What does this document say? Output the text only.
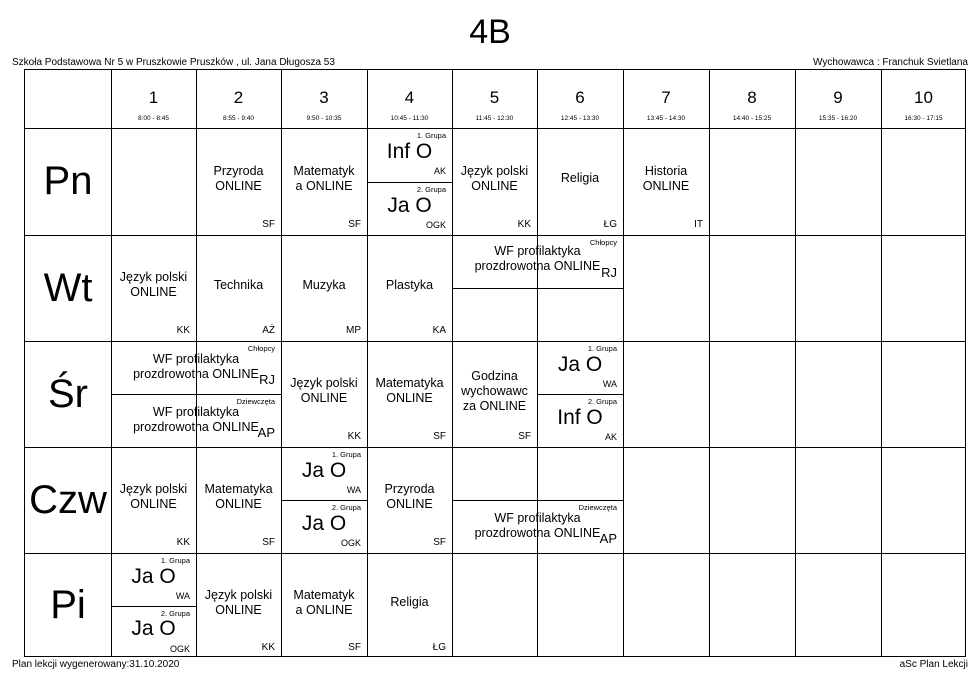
4B
Szkoła Podstawowa Nr 5 w Pruszkowie Pruszków , ul. Jana Długosza 53	Wychowawca : Franchuk Svietlana
1
8:00 - 8:45
2
8:55 - 9:40
3
9:50 - 10:35
4
10:45 - 11:30
5
11:45 - 12:30
6
12:45 - 13:30
7
13:45 - 14:30
8
14:40 - 15:25
9
15:35 - 16:20
10
16:30 - 17:15
Pn
Wt
Śr
Czw
Pi
Przyroda
ONLINE
SF
Matematyk
a ONLINE
SF
1. Grupa
Inf O
AK
2. Grupa
Ja O
OGK
Język polski
ONLINE
KK
Religia
ŁG
Historia
ONLINE
IT
Język polski
ONLINE
KK
Technika
AŻ
Muzyka
MP
Plastyka
KA
Chłopcy
WF profilaktyka
prozdrowotna ONLINE RJ
Chłopcy
WF profilaktyka
prozdrowotna ONLINE RJ
Dziewczęta
WF profilaktyka
prozdrowotna ONLINE
AP
Język polski
ONLINE
KK
Matematyka
ONLINE
SF
Godzina
wychowawc
za ONLINE
SF
1. Grupa
Ja O
WA
2. Grupa
Inf O
AK
Język polski
ONLINE
KK
Matematyka
ONLINE
SF
1. Grupa
Ja O
WA
2. Grupa
Ja O
OGK
Przyroda
ONLINE
SF
Dziewczęta
WF profilaktyka
prozdrowotna ONLINE AP
1. Grupa
Ja O
WA
2. Grupa
Ja O
OGK
Język polski
ONLINE
KK
Matematyk
a ONLINE
SF
Religia
ŁG
Plan lekcji wygenerowany:31.10.2020	aSc Plan Lekcji
